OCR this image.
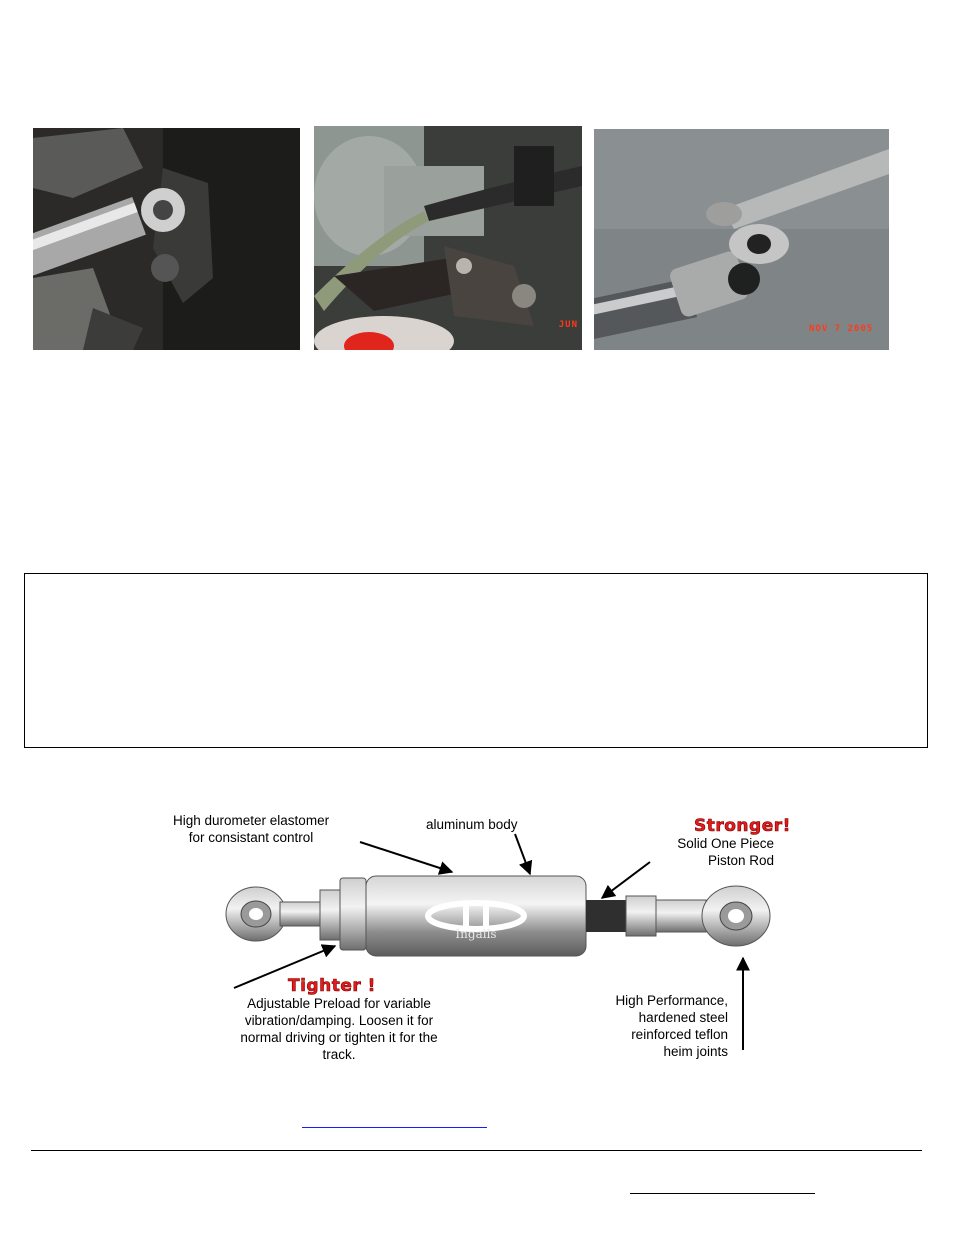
JUN	NOV 7 2005
Ingalls
High durometer elastomer
for consistant control
aluminum body	Stronger!
Solid One Piece
Piston Rod
Tighter !
Adjustable Preload for variable
vibration/damping. Loosen it for
normal driving or tighten it for the
track.
High Performance,
hardened steel
reinforced teflon
heim joints
